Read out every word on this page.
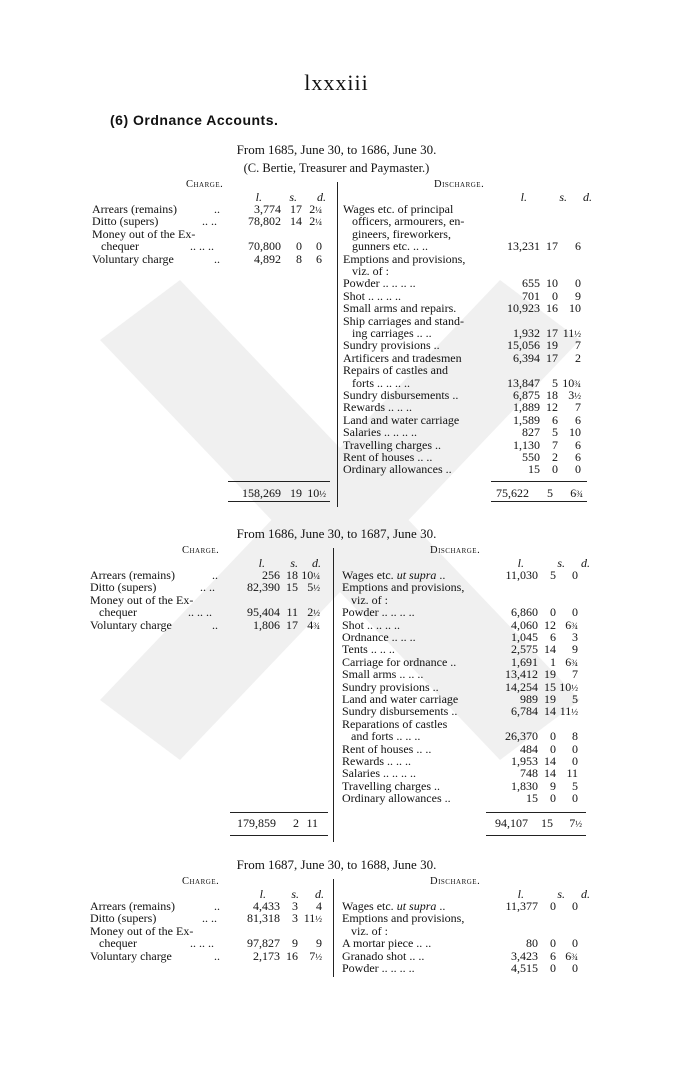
lxxxiii
(6) Ordnance Accounts.
From 1685, June 30, to 1686, June 30.
(C. Bertie, Treasurer and Paymaster.)
Charge.	Discharge.
l.	s.	d.	l.	s.	d.
Arrears (remains)	..	3,774 17 2¼
Ditto (supers)	.. ..	78,802 14 2¼
Money out of the Ex-
chequer	.. .. ..	70,800	0	0
Voluntary charge	..	4,892	8	6
Wages etc. of principal
officers, armourers, en-
gineers, fireworkers,
gunners etc. .. ..	13,231 17	6
Emptions and provisions,
viz. of :
Powder .. .. .. ..	655 10	0
Shot .. .. .. ..	701	0	9
Small arms and repairs.	10,923 16 10
Ship carriages and stand-
ing carriages .. ..	1,932 17 11½
Sundry provisions ..	15,056 19	7
Artificers and tradesmen	6,394 17	2
Repairs of castles and
forts .. .. .. ..	13,847	5 10¾
Sundry disbursements ..	6,875 18 3½
Rewards .. .. ..	1,889 12	7
Land and water carriage	1,589	6	6
Salaries .. .. .. ..	827	5 10
Travelling charges ..	1,130	7	6
Rent of houses .. ..	550	2	6
Ordinary allowances ..	15	0	0
158,269 19 10½	75,622	5	6¾
From 1686, June 30, to 1687, June 30.
Charge.	Discharge.
l.	s.	d.	l.	s.	d.
Arrears (remains)	..	256 18 10¼
Ditto (supers)	.. ..	82,390 15 5½
Money out of the Ex-
chequer	.. .. ..	95,404 11 2½
Voluntary charge	..	1,806 17 4¾
Wages etc. ut supra ..	11,030	5	0
Emptions and provisions,
viz. of :
Powder .. .. .. ..	6,860	0	0
Shot .. .. .. ..	4,060 12 6¾
Ordnance .. .. ..	1,045	6	3
Tents .. .. ..	2,575 14	9
Carriage for ordnance ..	1,691	1 6¾
Small arms .. .. ..	13,412 19	7
Sundry provisions ..	14,254 15 10½
Land and water carriage	989 19	5
Sundry disbursements ..	6,784 14 11½
Reparations of castles
and forts .. .. ..	26,370	0	8
Rent of houses .. ..	484	0	0
Rewards .. .. ..	1,953 14	0
Salaries .. .. .. ..	748 14 11
Travelling charges ..	1,830	9	5
Ordinary allowances ..	15	0	0
179,859	2 11	94,107	15	7½
From 1687, June 30, to 1688, June 30.
Charge.	Discharge.
l.	s.	d.	l.	s.	d.
Arrears (remains)	..	4,433	3	4
Ditto (supers)	.. ..	81,318	3 11½
Money out of the Ex-
chequer	.. .. ..	97,827	9	9
Voluntary charge	..	2,173 16 7½
Wages etc. ut supra ..	11,377	0	0
Emptions and provisions,
viz. of :
A mortar piece .. ..	80	0	0
Granado shot .. ..	3,423	6 6¾
Powder .. .. .. ..	4,515	0	0
